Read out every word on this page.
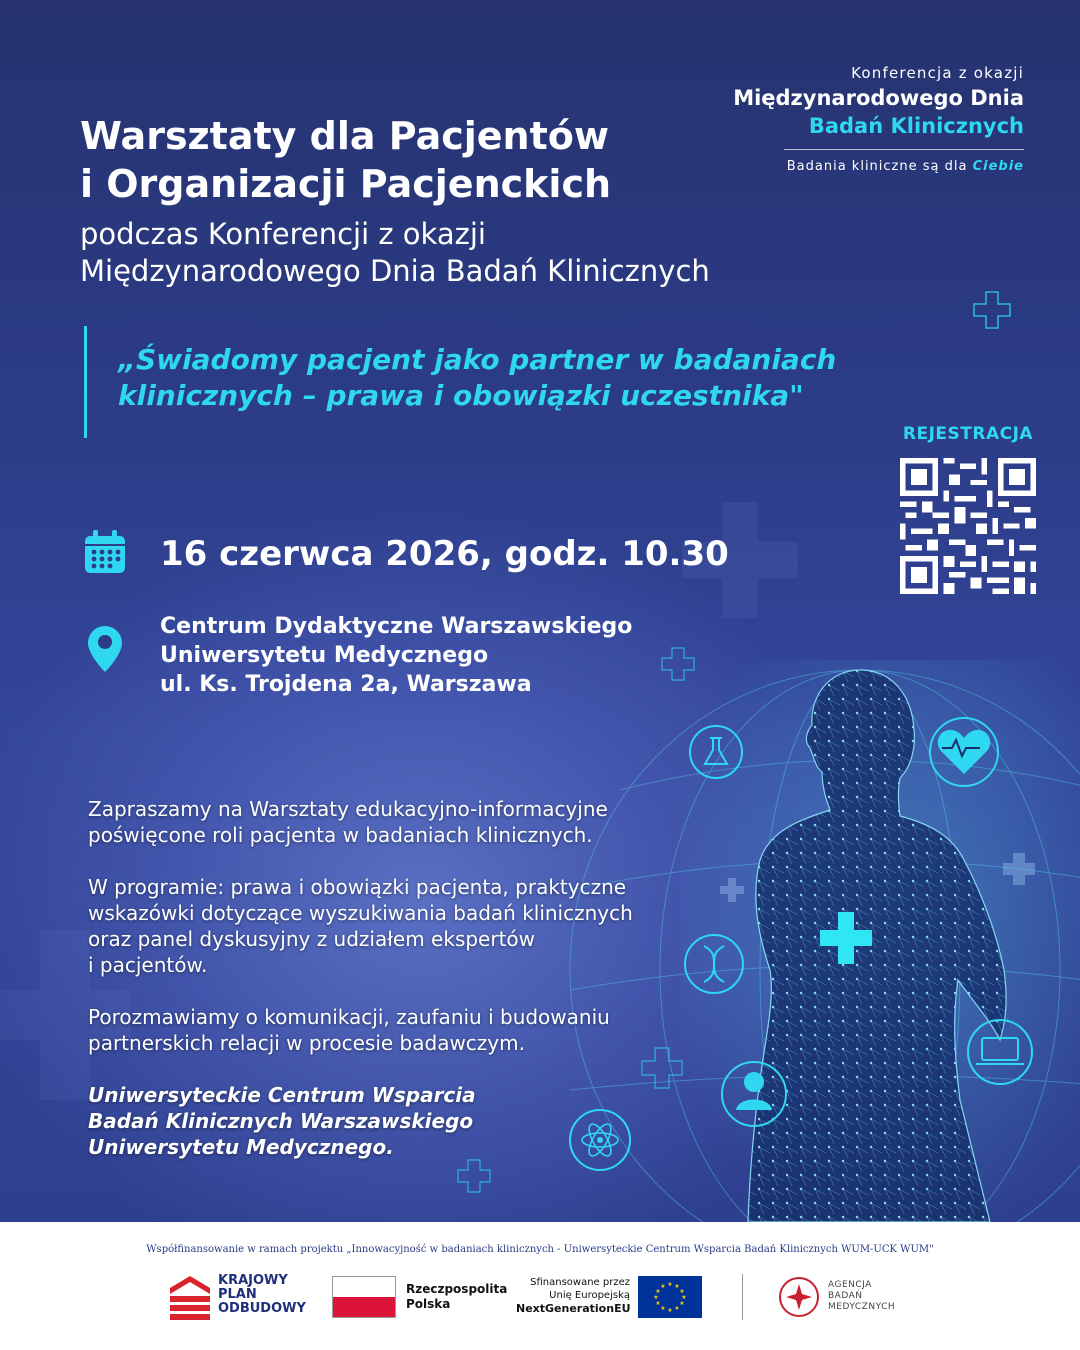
Konferencja z okazji
Międzynarodowego Dnia
Badań Klinicznych
Badania kliniczne są dla Ciebie
Warsztaty dla Pacjentów
i Organizacji Pacjenckich
podczas Konferencji z okazji
Międzynarodowego Dnia Badań Klinicznych
„Świadomy pacjent jako partner w badaniach
klinicznych – prawa i obowiązki uczestnika"
REJESTRACJA
16 czerwca 2026, godz. 10.30
Centrum Dydaktyczne Warszawskiego
Uniwersytetu Medycznego
ul. Ks. Trojdena 2a, Warszawa

Zapraszamy na Warsztaty edukacyjno-informacyjne
poświęcone roli pacjenta w badaniach klinicznych.

W programie: prawa i obowiązki pacjenta, praktyczne
wskazówki dotyczące wyszukiwania badań klinicznych
oraz panel dyskusyjny z udziałem ekspertów
i pacjentów.

Porozmawiamy o komunikacji, zaufaniu i budowaniu
partnerskich relacji w procesie badawczym.

Uniwersyteckie Centrum Wsparcia
Badań Klinicznych Warszawskiego
Uniwersytetu Medycznego.

Współfinansowanie w ramach projektu „Innowacyjność w badaniach klinicznych - Uniwersyteckie Centrum Wsparcia Badań Klinicznych WUM-UCK WUM"
KRAJOWY
PLAN
ODBUDOWY
Rzeczpospolita
Polska
Sfinansowane przez
Unię Europejską
NextGenerationEU
★ ★
★
★
★
★
★
★
★
★
★
★	AGENCJA
BADAŃ
MEDYCZNYCH
